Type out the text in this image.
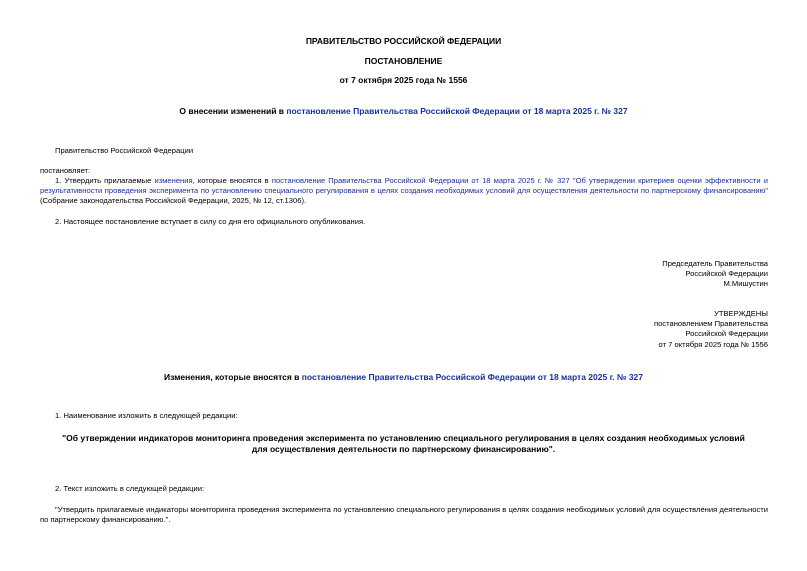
ПРАВИТЕЛЬСТВО РОССИЙСКОЙ ФЕДЕРАЦИИ
ПОСТАНОВЛЕНИЕ
от 7 октября 2025 года № 1556
О внесении изменений в постановление Правительства Российской Федерации от 18 марта 2025 г. № 327
Правительство Российской Федерации
постановляет:
1. Утвердить прилагаемые изменения, которые вносятся в постановление Правительства Российской Федерации от 18 марта 2025 г. № 327 "Об утверждении критериев оценки эффективности и результативности проведения эксперимента по установлению специального регулирования в целях создания необходимых условий для осуществления деятельности по партнерскому финансированию" (Собрание законодательства Российской Федерации, 2025, № 12, ст.1306).
2. Настоящее постановление вступает в силу со дня его официального опубликования.
Председатель Правительства
Российской Федерации
М.Мишустин
УТВЕРЖДЕНЫ
постановлением Правительства
Российской Федерации
от 7 октября 2025 года № 1556
Изменения, которые вносятся в постановление Правительства Российской Федерации от 18 марта 2025 г. № 327
1. Наименование изложить в следующей редакции:
"Об утверждении индикаторов мониторинга проведения эксперимента по установлению специального регулирования в целях создания необходимых условий
для осуществления деятельности по партнерскому финансированию".
2. Текст изложить в следующей редакции:
"Утвердить прилагаемые индикаторы мониторинга проведения эксперимента по установлению специального регулирования в целях создания необходимых условий для осуществления деятельности по партнерскому финансированию.".
